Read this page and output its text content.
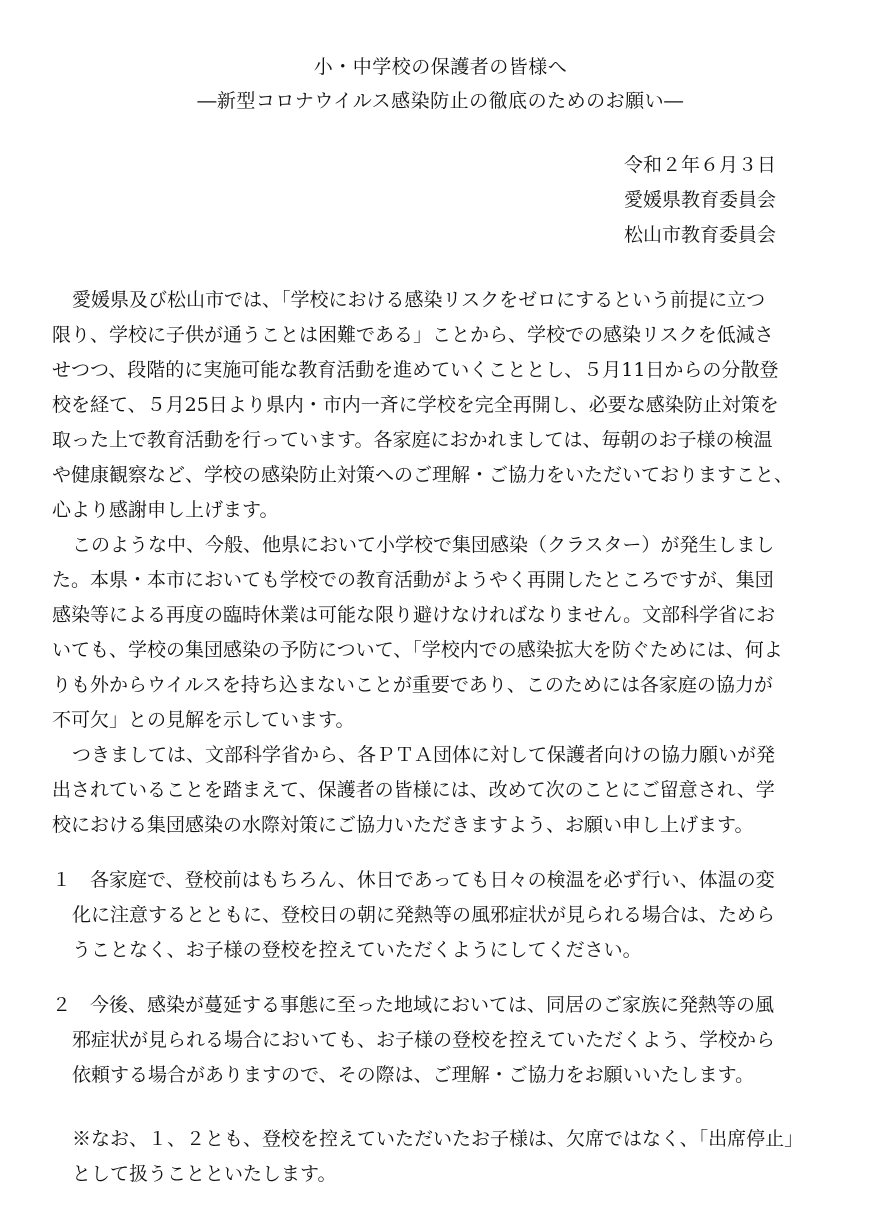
小・中学校の保護者の皆様へ
―新型コロナウイルス感染防止の徹底のためのお願い―
令和２年６月３日
愛媛県教育委員会
松山市教育委員会
愛媛県及び松山市では、「学校における感染リスクをゼロにするという前提に立つ
限り、学校に子供が通うことは困難である」ことから、学校での感染リスクを低減さ
せつつ、段階的に実施可能な教育活動を進めていくこととし、５月11日からの分散登
校を経て、５月25日より県内・市内一斉に学校を完全再開し、必要な感染防止対策を
取った上で教育活動を行っています。各家庭におかれましては、毎朝のお子様の検温
や健康観察など、学校の感染防止対策へのご理解・ご協力をいただいておりますこと、
心より感謝申し上げます。
このような中、今般、他県において小学校で集団感染（クラスター）が発生しまし
た。本県・本市においても学校での教育活動がようやく再開したところですが、集団
感染等による再度の臨時休業は可能な限り避けなければなりません。文部科学省にお
いても、学校の集団感染の予防について、「学校内での感染拡大を防ぐためには、何よ
りも外からウイルスを持ち込まないことが重要であり、このためには各家庭の協力が
不可欠」との見解を示しています。
つきましては、文部科学省から、各ＰＴＡ団体に対して保護者向けの協力願いが発
出されていることを踏まえて、保護者の皆様には、改めて次のことにご留意され、学
校における集団感染の水際対策にご協力いただきますよう、お願い申し上げます。
１　各家庭で、登校前はもちろん、休日であっても日々の検温を必ず行い、体温の変
化に注意するとともに、登校日の朝に発熱等の風邪症状が見られる場合は、ためら
うことなく、お子様の登校を控えていただくようにしてください。
２　今後、感染が蔓延する事態に至った地域においては、同居のご家族に発熱等の風
邪症状が見られる場合においても、お子様の登校を控えていただくよう、学校から
依頼する場合がありますので、その際は、ご理解・ご協力をお願いいたします。
※なお、１、２とも、登校を控えていただいたお子様は、欠席ではなく、「出席停止」
として扱うことといたします。
